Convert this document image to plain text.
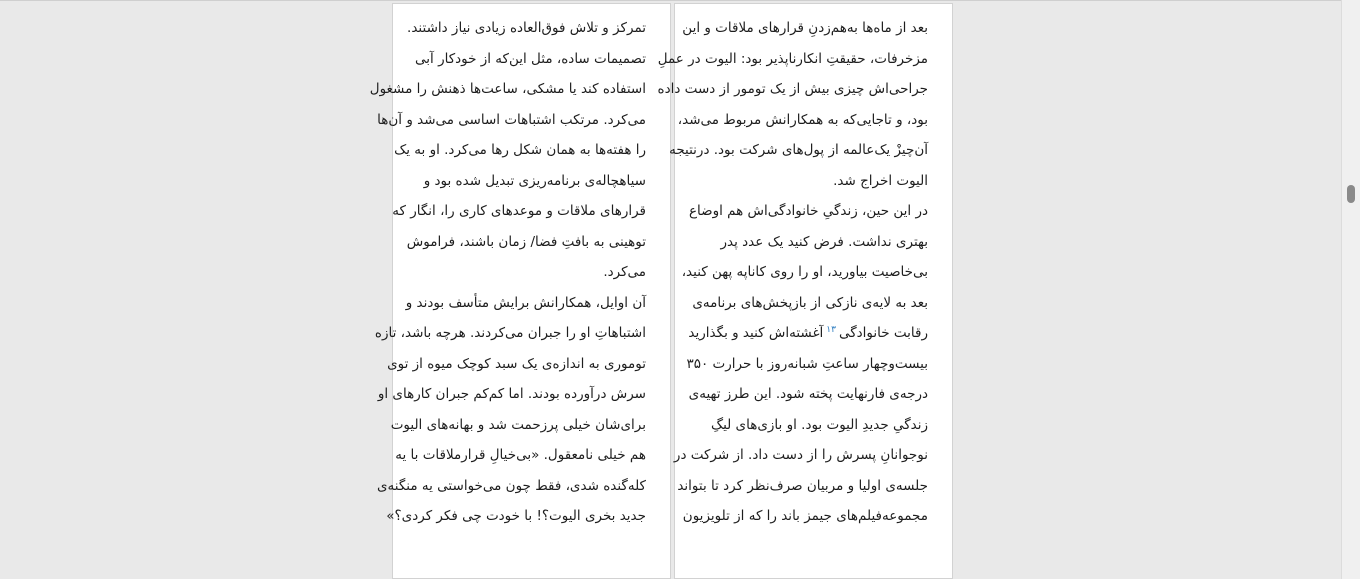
تمرکز و تلاش فوق‌العاده زیادی نیاز داشتند.
تصمیمات ساده، مثل این‌که از خودکار آبی
استفاده کند یا مشکی، ساعت‌ها ذهنش را مشغول
می‌کرد. مرتکب اشتباهات اساسی می‌شد و آن‌ها
را هفته‌ها به همان شکل رها می‌کرد. او به یک
سیاهچاله‌ی برنامه‌ریزی تبدیل شده بود و
قرارهای ملاقات و موعدهای کاری را، انگار که
توهینی به بافتِ فضا/ زمان باشند، فراموش
می‌کرد.
آن اوایل، همکارانش برایش متأسف بودند و
اشتباهاتِ او را جبران می‌کردند. هرچه باشد، تازه
توموری به اندازه‌ی یک سبد کوچک میوه از توی
سرش درآورده بودند. اما کم‌کم جبران کارهای او
برای‌شان خیلی پرزحمت شد و بهانه‌های الیوت
هم خیلی نامعقول. «بی‌خیالِ قرارملاقات با یه
کله‌گنده شدی، فقط چون می‌خواستی یه منگنه‌ی
جدید بخری الیوت؟! با خودت چی فکر کردی؟»
بعد از ماه‌ها به‌هم‌زدنِ قرارهای ملاقات و این
مزخرفات، حقیقتِ انکارناپذیر بود: الیوت در عملِ
جراحی‌اش چیزی بیش از یک تومور از دست داده
بود، و تاجایی‌که به همکارانش مربوط می‌شد،
آن‌چیزْ یک‌عالمه از پول‌های شرکت بود. درنتیجه
الیوت اخراج شد.
در این حین، زندگیِ خانوادگی‌اش هم اوضاع
بهتری نداشت. فرض کنید یک عدد پدر
بی‌خاصیت بیاورید، او را روی کاناپه پهن کنید،
بعد به لایه‌ی نازکی از بازپخش‌های برنامه‌ی
رقابت خانوادگی$^{۱۳}$آغشته‌اش کنید و بگذارید
بیست‌وچهار ساعتِ شبانه‌روز با حرارت ۳۵۰
درجه‌ی فارنهایت پخته شود. این طرز تهیه‌ی
زندگیِ جدیدِ الیوت بود. او بازی‌های لیگِ
نوجوانانِ پسرش را از دست داد. از شرکت در
جلسه‌ی اولیا و مربیان صرف‌نظر کرد تا بتواند
مجموعه‌فیلم‌های جیمز باند را که از تلویزیون
